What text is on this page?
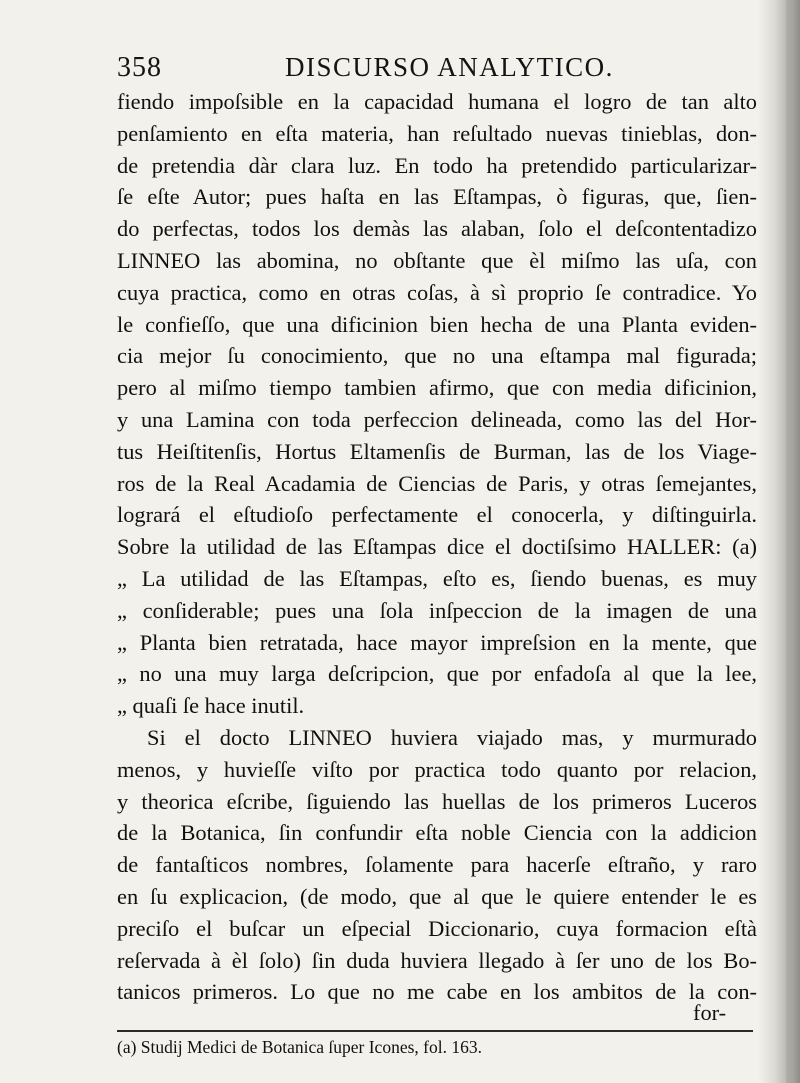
358	DISCURSO ANALYTICO.
fiendo impoſsible en la capacidad humana el logro de tan alto
penſamiento en eſta materia, han reſultado nuevas tinieblas, don-
de pretendia dàr clara luz. En todo ha pretendido particularizar-
ſe eſte Autor; pues haſta en las Eſtampas, ò figuras, que, ſien-
do perfectas, todos los demàs las alaban, ſolo el deſcontentadizo
LINNEO las abomina, no obſtante que èl miſmo las uſa, con
cuya practica, como en otras coſas, à sì proprio ſe contradice. Yo
le confieſſo, que una dificinion bien hecha de una Planta eviden-
cia mejor ſu conocimiento, que no una eſtampa mal figurada;
pero al miſmo tiempo tambien afirmo, que con media dificinion,
y una Lamina con toda perfeccion delineada, como las del Hor-
tus Heiſtitenſis, Hortus Eltamenſis de Burman, las de los Viage-
ros de la Real Acadamia de Ciencias de Paris, y otras ſemejantes,
logrará el eſtudioſo perfectamente el conocerla, y diſtinguirla.
Sobre la utilidad de las Eſtampas dice el doctiſsimo HALLER: (a)
„ La utilidad de las Eſtampas, eſto es, ſiendo buenas, es muy
„ conſiderable; pues una ſola inſpeccion de la imagen de una
„ Planta bien retratada, hace mayor impreſsion en la mente, que
„ no una muy larga deſcripcion, que por enfadoſa al que la lee,
„ quaſi ſe hace inutil.
Si el docto LINNEO huviera viajado mas, y murmurado
menos, y huvieſſe viſto por practica todo quanto por relacion,
y theorica eſcribe, ſiguiendo las huellas de los primeros Luceros
de la Botanica, ſin confundir eſta noble Ciencia con la addicion
de fantaſticos nombres, ſolamente para hacerſe eſtraño, y raro
en ſu explicacion, (de modo, que al que le quiere entender le es
preciſo el buſcar un eſpecial Diccionario, cuya formacion eſtà
reſervada à èl ſolo) ſin duda huviera llegado à ſer uno de los Bo-
tanicos primeros. Lo que no me cabe en los ambitos de la con-
for-
(a) Studij Medici de Botanica ſuper Icones, fol. 163.
